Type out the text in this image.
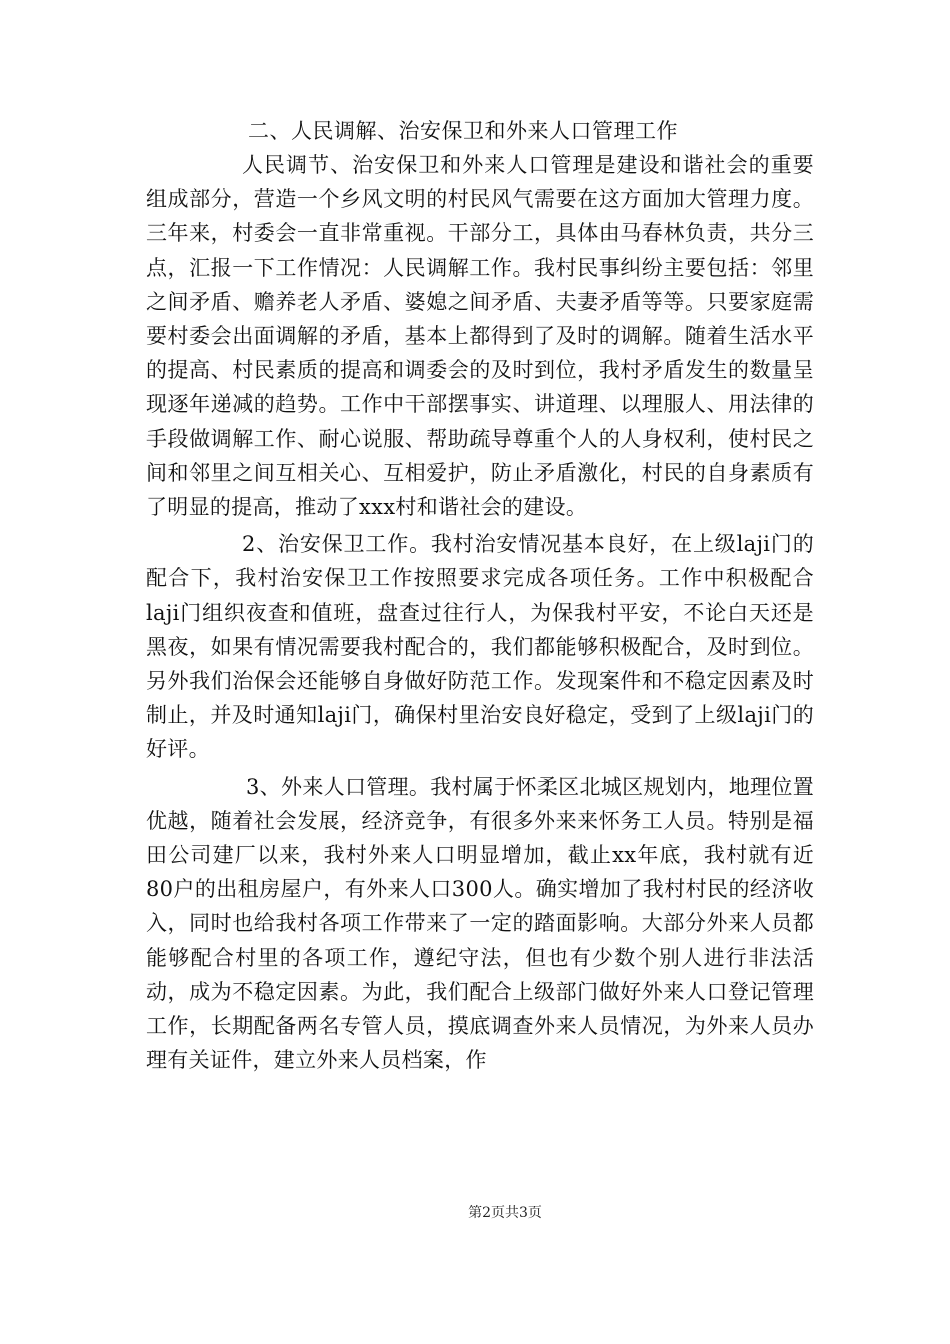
二、人民调解、治安保卫和外来人口管理工作

人民调节、治安保卫和外来人口管理是建设和谐社会的重要组成部分，营造一个乡风文明的村民风气需要在这方面加大管理力度。三年来，村委会一直非常重视。干部分工，具体由马春林负责，共分三点，汇报一下工作情况：人民调解工作。我村民事纠纷主要包括：邻里之间矛盾、赡养老人矛盾、婆媳之间矛盾、夫妻矛盾等等。只要家庭需要村委会出面调解的矛盾，基本上都得到了及时的调解。随着生活水平的提高、村民素质的提高和调委会的及时到位，我村矛盾发生的数量呈现逐年递减的趋势。工作中干部摆事实、讲道理、以理服人、用法律的手段做调解工作、耐心说服、帮助疏导尊重个人的人身权利，使村民之间和邻里之间互相关心、互相爱护，防止矛盾激化，村民的自身素质有了明显的提高，推动了xxx村和谐社会的建设。

2、治安保卫工作。我村治安情况基本良好，在上级laji门的配合下，我村治安保卫工作按照要求完成各项任务。工作中积极配合laji门组织夜查和值班，盘查过往行人，为保我村平安，不论白天还是黑夜，如果有情况需要我村配合的，我们都能够积极配合，及时到位。另外我们治保会还能够自身做好防范工作。发现案件和不稳定因素及时制止，并及时通知laji门，确保村里治安良好稳定，受到了上级laji门的好评。

3、外来人口管理。我村属于怀柔区北城区规划内，地理位置优越，随着社会发展，经济竞争，有很多外来来怀务工人员。特别是福田公司建厂以来，我村外来人口明显增加，截止xx年底，我村就有近80户的出租房屋户，有外来人口300人。确实增加了我村村民的经济收入，同时也给我村各项工作带来了一定的踏面影响。大部分外来人员都能够配合村里的各项工作，遵纪守法，但也有少数个别人进行非法活动，成为不稳定因素。为此，我们配合上级部门做好外来人口登记管理工作，长期配备两名专管人员，摸底调查外来人员情况，为外来人员办理有关证件，建立外来人员档案，作

第2页共3页
